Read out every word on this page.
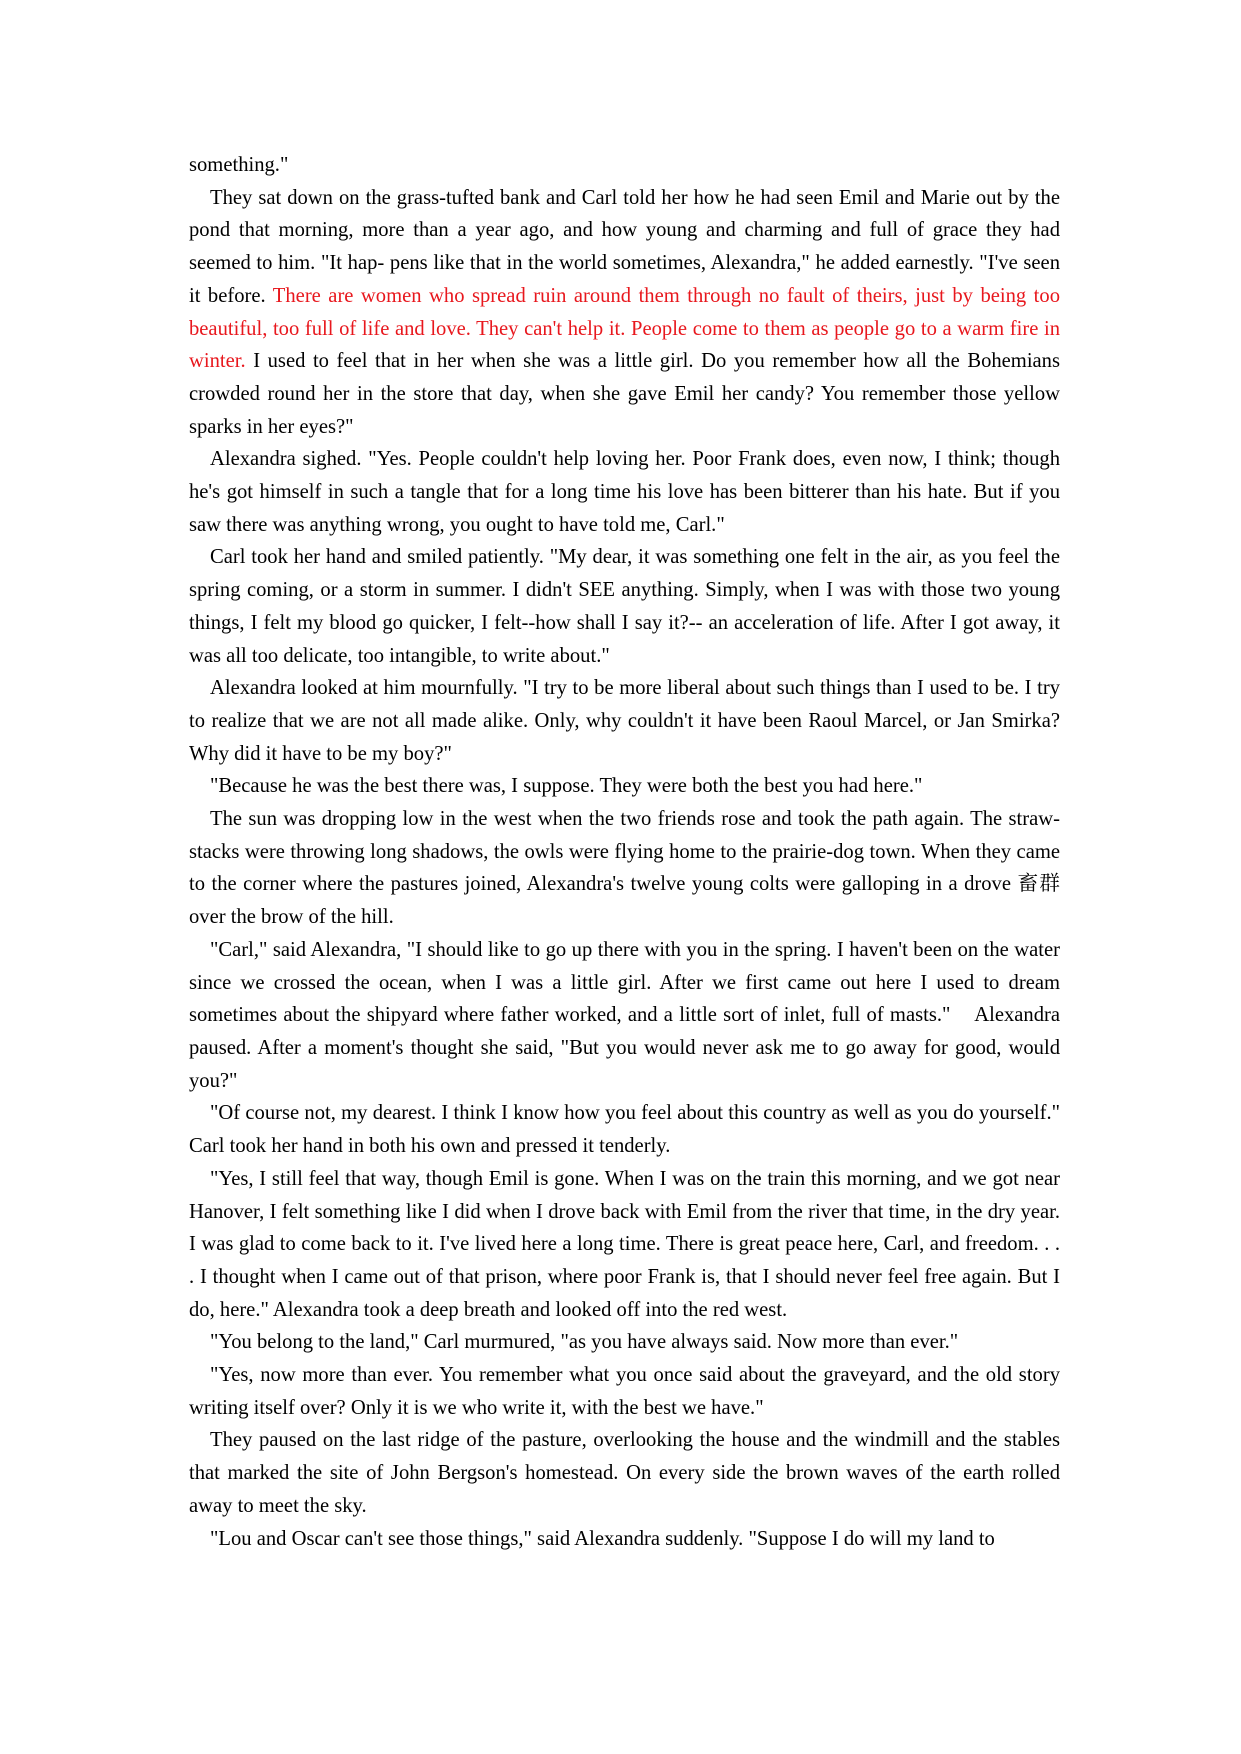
something."

They sat down on the grass-tufted bank and Carl told her how he had seen Emil and Marie out by the pond that morning, more than a year ago, and how young and charming and full of grace they had seemed to him. "It hap- pens like that in the world sometimes, Alexandra," he added earnestly. "I've seen it before. There are women who spread ruin around them through no fault of theirs, just by being too beautiful, too full of life and love. They can't help it. People come to them as people go to a warm fire in winter. I used to feel that in her when she was a little girl. Do you remember how all the Bohemians crowded round her in the store that day, when she gave Emil her candy? You remember those yellow sparks in her eyes?"

Alexandra sighed. "Yes. People couldn't help loving her. Poor Frank does, even now, I think; though he's got himself in such a tangle that for a long time his love has been bitterer than his hate. But if you saw there was anything wrong, you ought to have told me, Carl."

Carl took her hand and smiled patiently. "My dear, it was something one felt in the air, as you feel the spring coming, or a storm in summer. I didn't SEE anything. Simply, when I was with those two young things, I felt my blood go quicker, I felt--how shall I say it?-- an acceleration of life. After I got away, it was all too delicate, too intangible, to write about."

Alexandra looked at him mournfully. "I try to be more liberal about such things than I used to be. I try to realize that we are not all made alike. Only, why couldn't it have been Raoul Marcel, or Jan Smirka? Why did it have to be my boy?"

"Because he was the best there was, I suppose. They were both the best you had here."

The sun was dropping low in the west when the two friends rose and took the path again. The straw-stacks were throwing long shadows, the owls were flying home to the prairie-dog town. When they came to the corner where the pastures joined, Alexandra's twelve young colts were galloping in a drove 畜群  over the brow of the hill.

"Carl," said Alexandra, "I should like to go up there with you in the spring. I haven't been on the water since we crossed the ocean, when I was a little girl. After we first came out here I used to dream sometimes about the shipyard where father worked, and a little sort of inlet, full of masts."    Alexandra paused. After a moment's thought she said, "But you would never ask me to go away for good, would you?"

"Of course not, my dearest. I think I know how you feel about this country as well as you do yourself." Carl took her hand in both his own and pressed it tenderly.

"Yes, I still feel that way, though Emil is gone. When I was on the train this morning, and we got near Hanover, I felt something like I did when I drove back with Emil from the river that time, in the dry year. I was glad to come back to it. I've lived here a long time. There is great peace here, Carl, and freedom. . . . I thought when I came out of that prison, where poor Frank is, that I should never feel free again. But I do, here." Alexandra took a deep breath and looked off into the red west.

"You belong to the land," Carl murmured, "as you have always said. Now more than ever."

"Yes, now more than ever. You remember what you once said about the graveyard, and the old story writing itself over? Only it is we who write it, with the best we have."

They paused on the last ridge of the pasture, overlooking the house and the windmill and the stables that marked the site of John Bergson's homestead. On every side the brown waves of the earth rolled away to meet the sky.

"Lou and Oscar can't see those things," said Alexandra suddenly. "Suppose I do will my land to
